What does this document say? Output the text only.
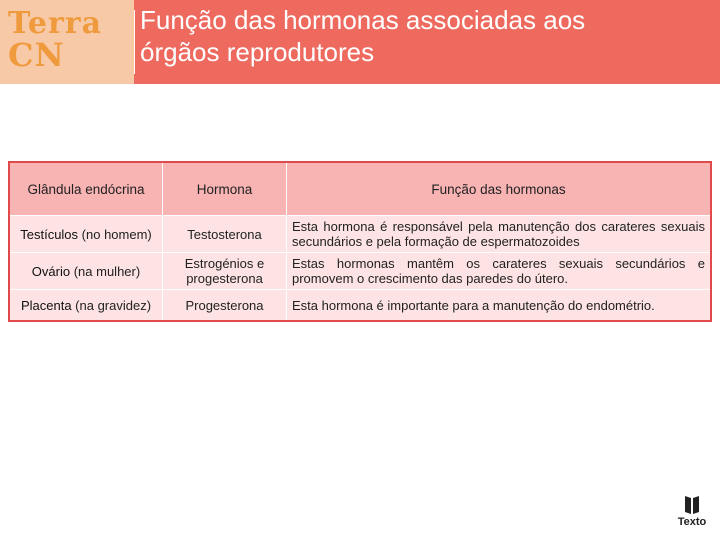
Terra
CN
Função das hormonas associadas aos
órgãos reprodutores
Glândula endócrina	Hormona	Função das hormonas
Testículos (no homem)	Testosterona	Esta hormona é responsável pela manutenção dos carateres sexuais secundários e pela formação de espermatozoides
Ovário (na mulher)	Estrogénios e progesterona	Estas hormonas mantêm os carateres sexuais secundários e promovem o crescimento das paredes do útero.
Placenta (na gravidez)	Progesterona	Esta hormona é importante para a manutenção do endométrio.
Texto
